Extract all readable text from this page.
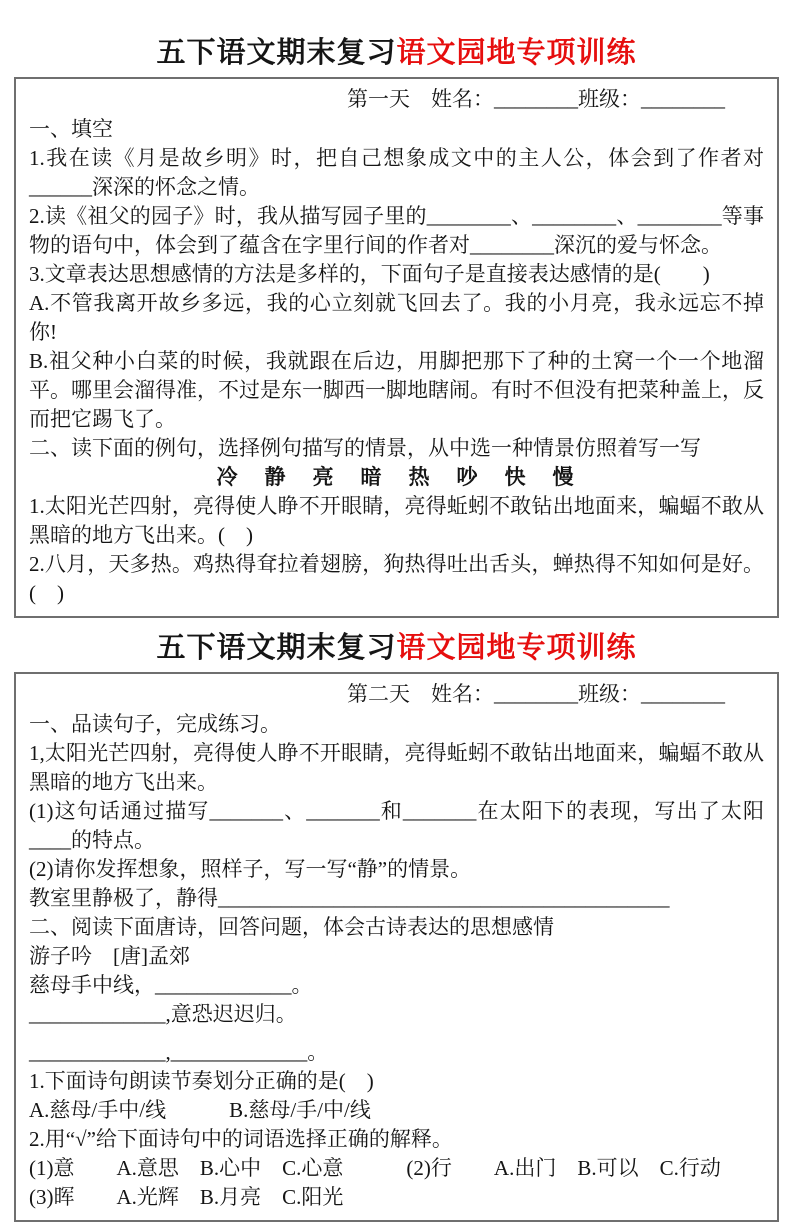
五下语文期末复习语文园地专项训练
第一天　姓名：________班级：________
一、填空
1.我在读《月是故乡明》时，把自己想象成文中的主人公，体会到了作者对______深深的怀念之情。
2.读《祖父的园子》时，我从描写园子里的________、________、________等事物的语句中，体会到了蕴含在字里行间的作者对________深沉的爱与怀念。
3.文章表达思想感情的方法是多样的，下面句子是直接表达感情的是(　　)
A.不管我离开故乡多远，我的心立刻就飞回去了。我的小月亮，我永远忘不掉你!
B.祖父种小白菜的时候，我就跟在后边，用脚把那下了种的土窝一个一个地溜平。哪里会溜得准，不过是东一脚西一脚地瞎闹。有时不但没有把菜种盖上，反而把它踢飞了。
二、读下面的例句，选择例句描写的情景，从中选一种情景仿照着写一写
冷　静　亮　暗　热　吵　快　慢
1.太阳光芒四射，亮得使人睁不开眼睛，亮得蚯蚓不敢钻出地面来，蝙蝠不敢从黑暗的地方飞出来。(　)
2.八月，天多热。鸡热得耷拉着翅膀，狗热得吐出舌头，蝉热得不知如何是好。(　)
五下语文期末复习语文园地专项训练
第二天　姓名：________班级：________
一、品读句子，完成练习。
1,太阳光芒四射，亮得使人睁不开眼睛，亮得蚯蚓不敢钻出地面来，蝙蝠不敢从黑暗的地方飞出来。
(1)这句话通过描写_______、_______和_______在太阳下的表现，写出了太阳____的特点。
(2)请你发挥想象，照样子，写一写“静”的情景。
教室里静极了，静得___________________________________________
二、阅读下面唐诗，回答问题，体会古诗表达的思想感情
游子吟　[唐]孟郊
慈母手中线，_____________。
_____________,意恐迟迟归。
_____________,_____________。
1.下面诗句朗读节奏划分正确的是(　)
A.慈母/手中/线　　　B.慈母/手/中/线
2.用“√”给下面诗句中的词语选择正确的解释。
(1)意　　A.意思　B.心中　C.心意　　　(2)行　　A.出门　B.可以　C.行动
(3)晖　　A.光辉　B.月亮　C.阳光
